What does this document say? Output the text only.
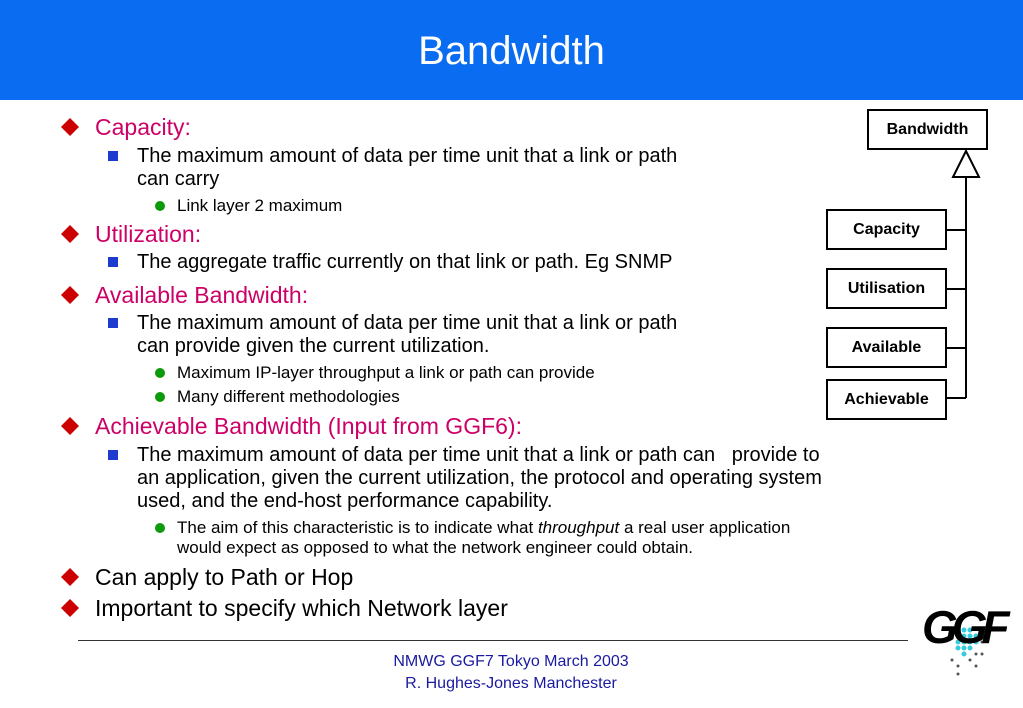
Bandwidth
Capacity:
The maximum amount of data per time unit that a link or path
can carry
Link layer 2 maximum
Utilization:
The aggregate traffic currently on that link or path. Eg SNMP
Available Bandwidth:
The maximum amount of data per time unit that a link or path
can provide given the current utilization.
Maximum IP-layer throughput a link or path can provide
Many different methodologies
Achievable Bandwidth (Input from GGF6):
The maximum amount of data per time unit that a link or path can   provide to
an application, given the current utilization, the protocol and operating system
used, and the end-host performance capability.
The aim of this characteristic is to indicate what throughput a real user application
would expect as opposed to what the network engineer could obtain.
Can apply to Path or Hop
Important to specify which Network layer
Bandwidth
Capacity
Utilisation
Available
Achievable
NMWG GGF7 Tokyo March 2003
R. Hughes-Jones Manchester
GGF
